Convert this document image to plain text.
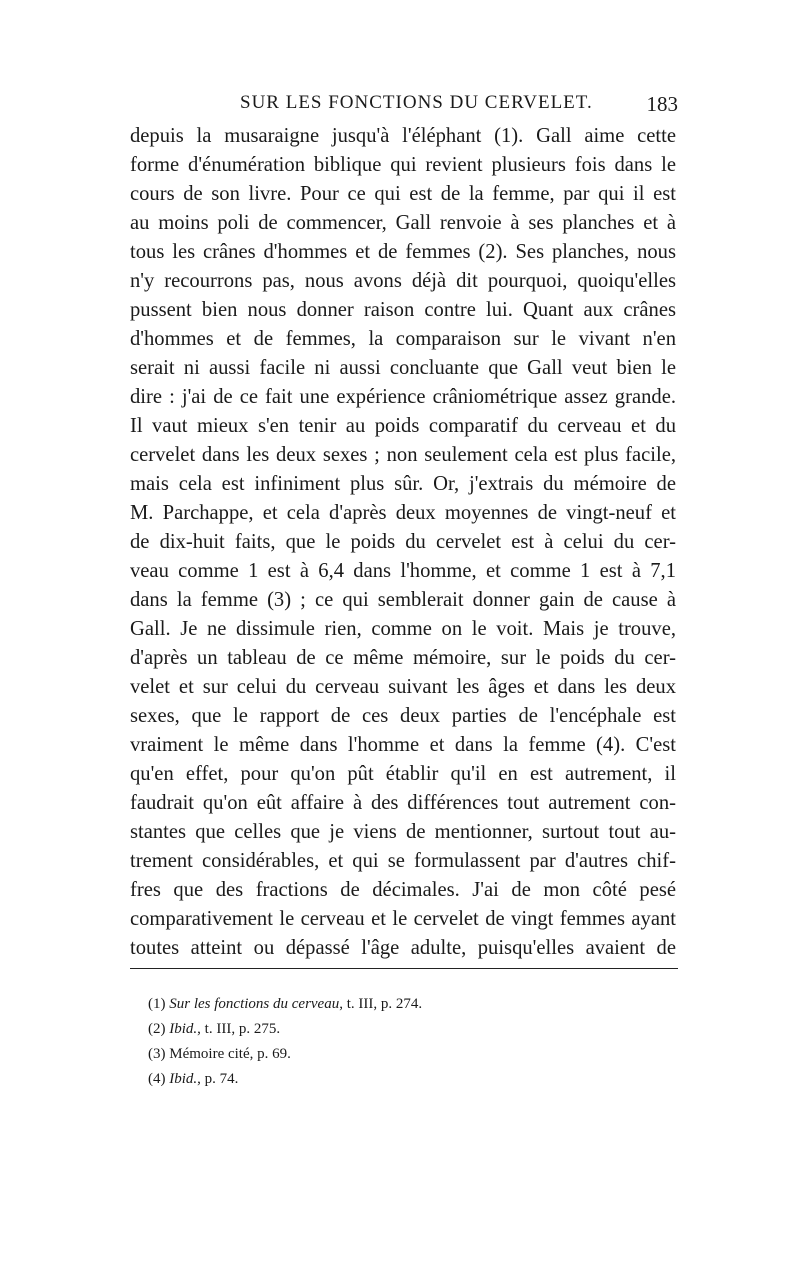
SUR LES FONCTIONS DU CERVELET.	183
depuis la musaraigne jusqu'à l'éléphant (1). Gall aime cette
forme d'énumération biblique qui revient plusieurs fois dans le
cours de son livre. Pour ce qui est de la femme, par qui il est
au moins poli de commencer, Gall renvoie à ses planches et à
tous les crânes d'hommes et de femmes (2). Ses planches, nous
n'y recourrons pas, nous avons déjà dit pourquoi, quoiqu'elles
pussent bien nous donner raison contre lui. Quant aux crânes
d'hommes et de femmes, la comparaison sur le vivant n'en
serait ni aussi facile ni aussi concluante que Gall veut bien le
dire : j'ai de ce fait une expérience crâniométrique assez grande.
Il vaut mieux s'en tenir au poids comparatif du cerveau et du
cervelet dans les deux sexes ; non seulement cela est plus facile,
mais cela est infiniment plus sûr. Or, j'extrais du mémoire de
M. Parchappe, et cela d'après deux moyennes de vingt-neuf et
de dix-huit faits, que le poids du cervelet est à celui du cer-
veau comme 1 est à 6,4 dans l'homme, et comme 1 est à 7,1
dans la femme (3) ; ce qui semblerait donner gain de cause à
Gall. Je ne dissimule rien, comme on le voit. Mais je trouve,
d'après un tableau de ce même mémoire, sur le poids du cer-
velet et sur celui du cerveau suivant les âges et dans les deux
sexes, que le rapport de ces deux parties de l'encéphale est
vraiment le même dans l'homme et dans la femme (4). C'est
qu'en effet, pour qu'on pût établir qu'il en est autrement, il
faudrait qu'on eût affaire à des différences tout autrement con-
stantes que celles que je viens de mentionner, surtout tout au-
trement considérables, et qui se formulassent par d'autres chif-
fres que des fractions de décimales. J'ai de mon côté pesé
comparativement le cerveau et le cervelet de vingt femmes ayant
toutes atteint ou dépassé l'âge adulte, puisqu'elles avaient de
(1) Sur les fonctions du cerveau, t. III, p. 274.
(2) Ibid., t. III, p. 275.
(3) Mémoire cité, p. 69.
(4) Ibid., p. 74.
